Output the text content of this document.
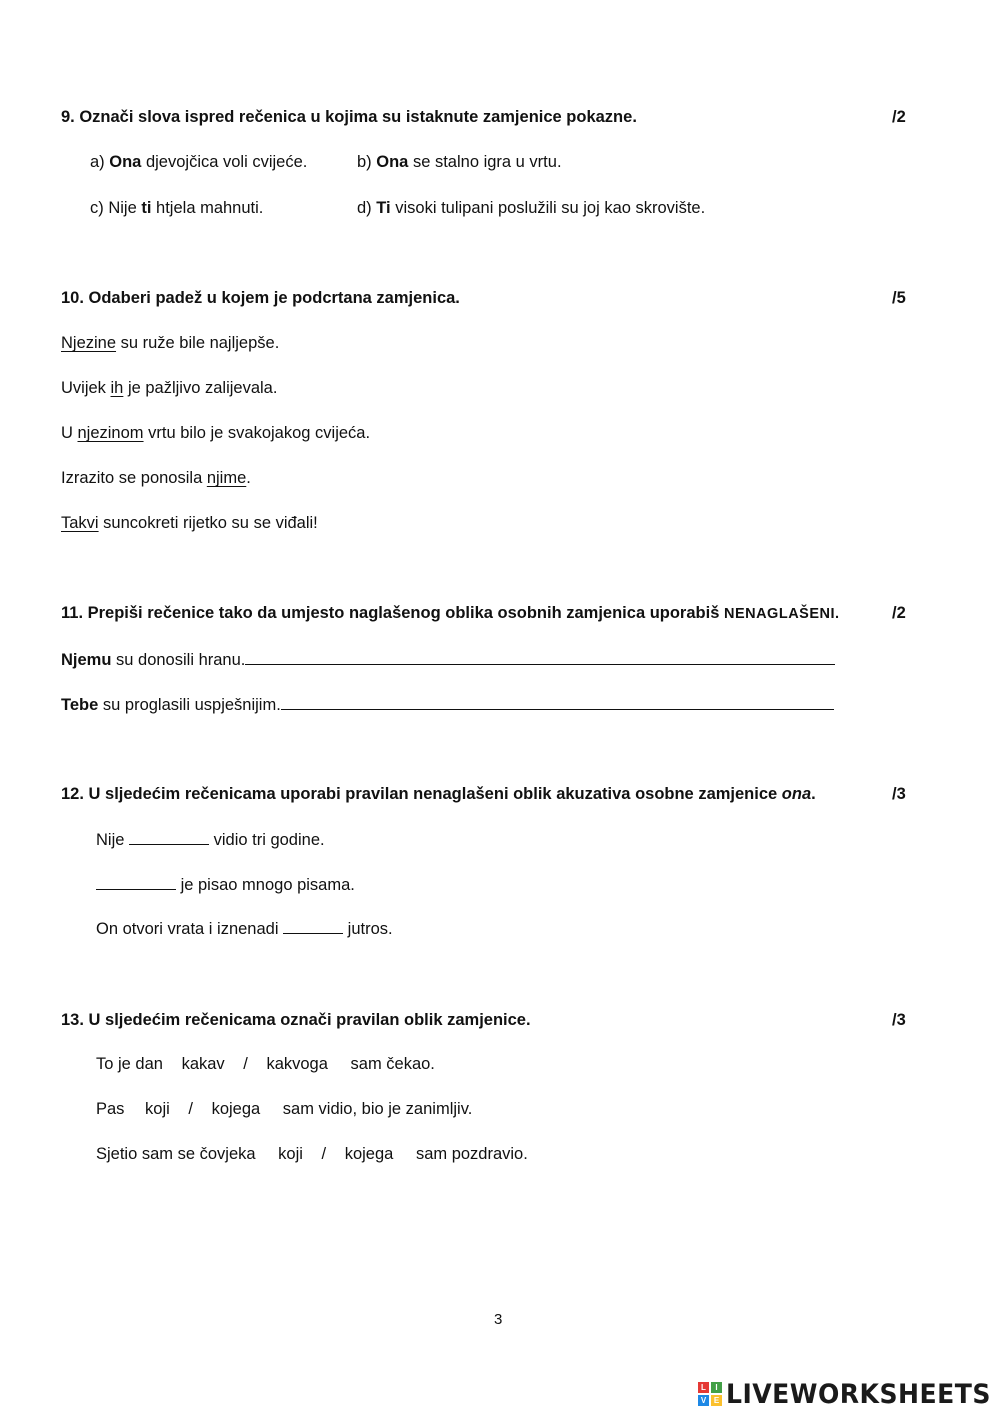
9. Označi slova ispred rečenica u kojima su istaknute zamjenice pokazne.	/2
a) Ona djevojčica voli cvijeće.	b) Ona se stalno igra u vrtu.
c) Nije ti htjela mahnuti.	d) Ti visoki tulipani poslužili su joj kao skrovište.
10. Odaberi padež u kojem je podcrtana zamjenica.	/5
Njezine su ruže bile najljepše.
Uvijek ih je pažljivo zalijevala.
U njezinom vrtu bilo je svakojakog cvijeća.
Izrazito se ponosila njime.
Takvi suncokreti rijetko su se viđali!
11. Prepiši rečenice tako da umjesto naglašenog oblika osobnih zamjenica uporabiš NENAGLAŠENI.	/2
Njemu su donosili hranu.
Tebe su proglasili uspješnijim.
12. U sljedećim rečenicama uporabi pravilan nenaglašeni oblik akuzativa osobne zamjenice ona.	/3
Nije	vidio tri godine.
je pisao mnogo pisama.
On otvori vrata i iznenadi	jutros.
13. U sljedećim rečenicama označi pravilan oblik zamjenice.	/3
To je dan kakav / kakvoga sam čekao.
Pas koji / kojega sam vidio, bio je zanimljiv.
Sjetio sam se čovjeka koji / kojega sam pozdravio.
3
L	I
V E LIVEWORKSHEETS
